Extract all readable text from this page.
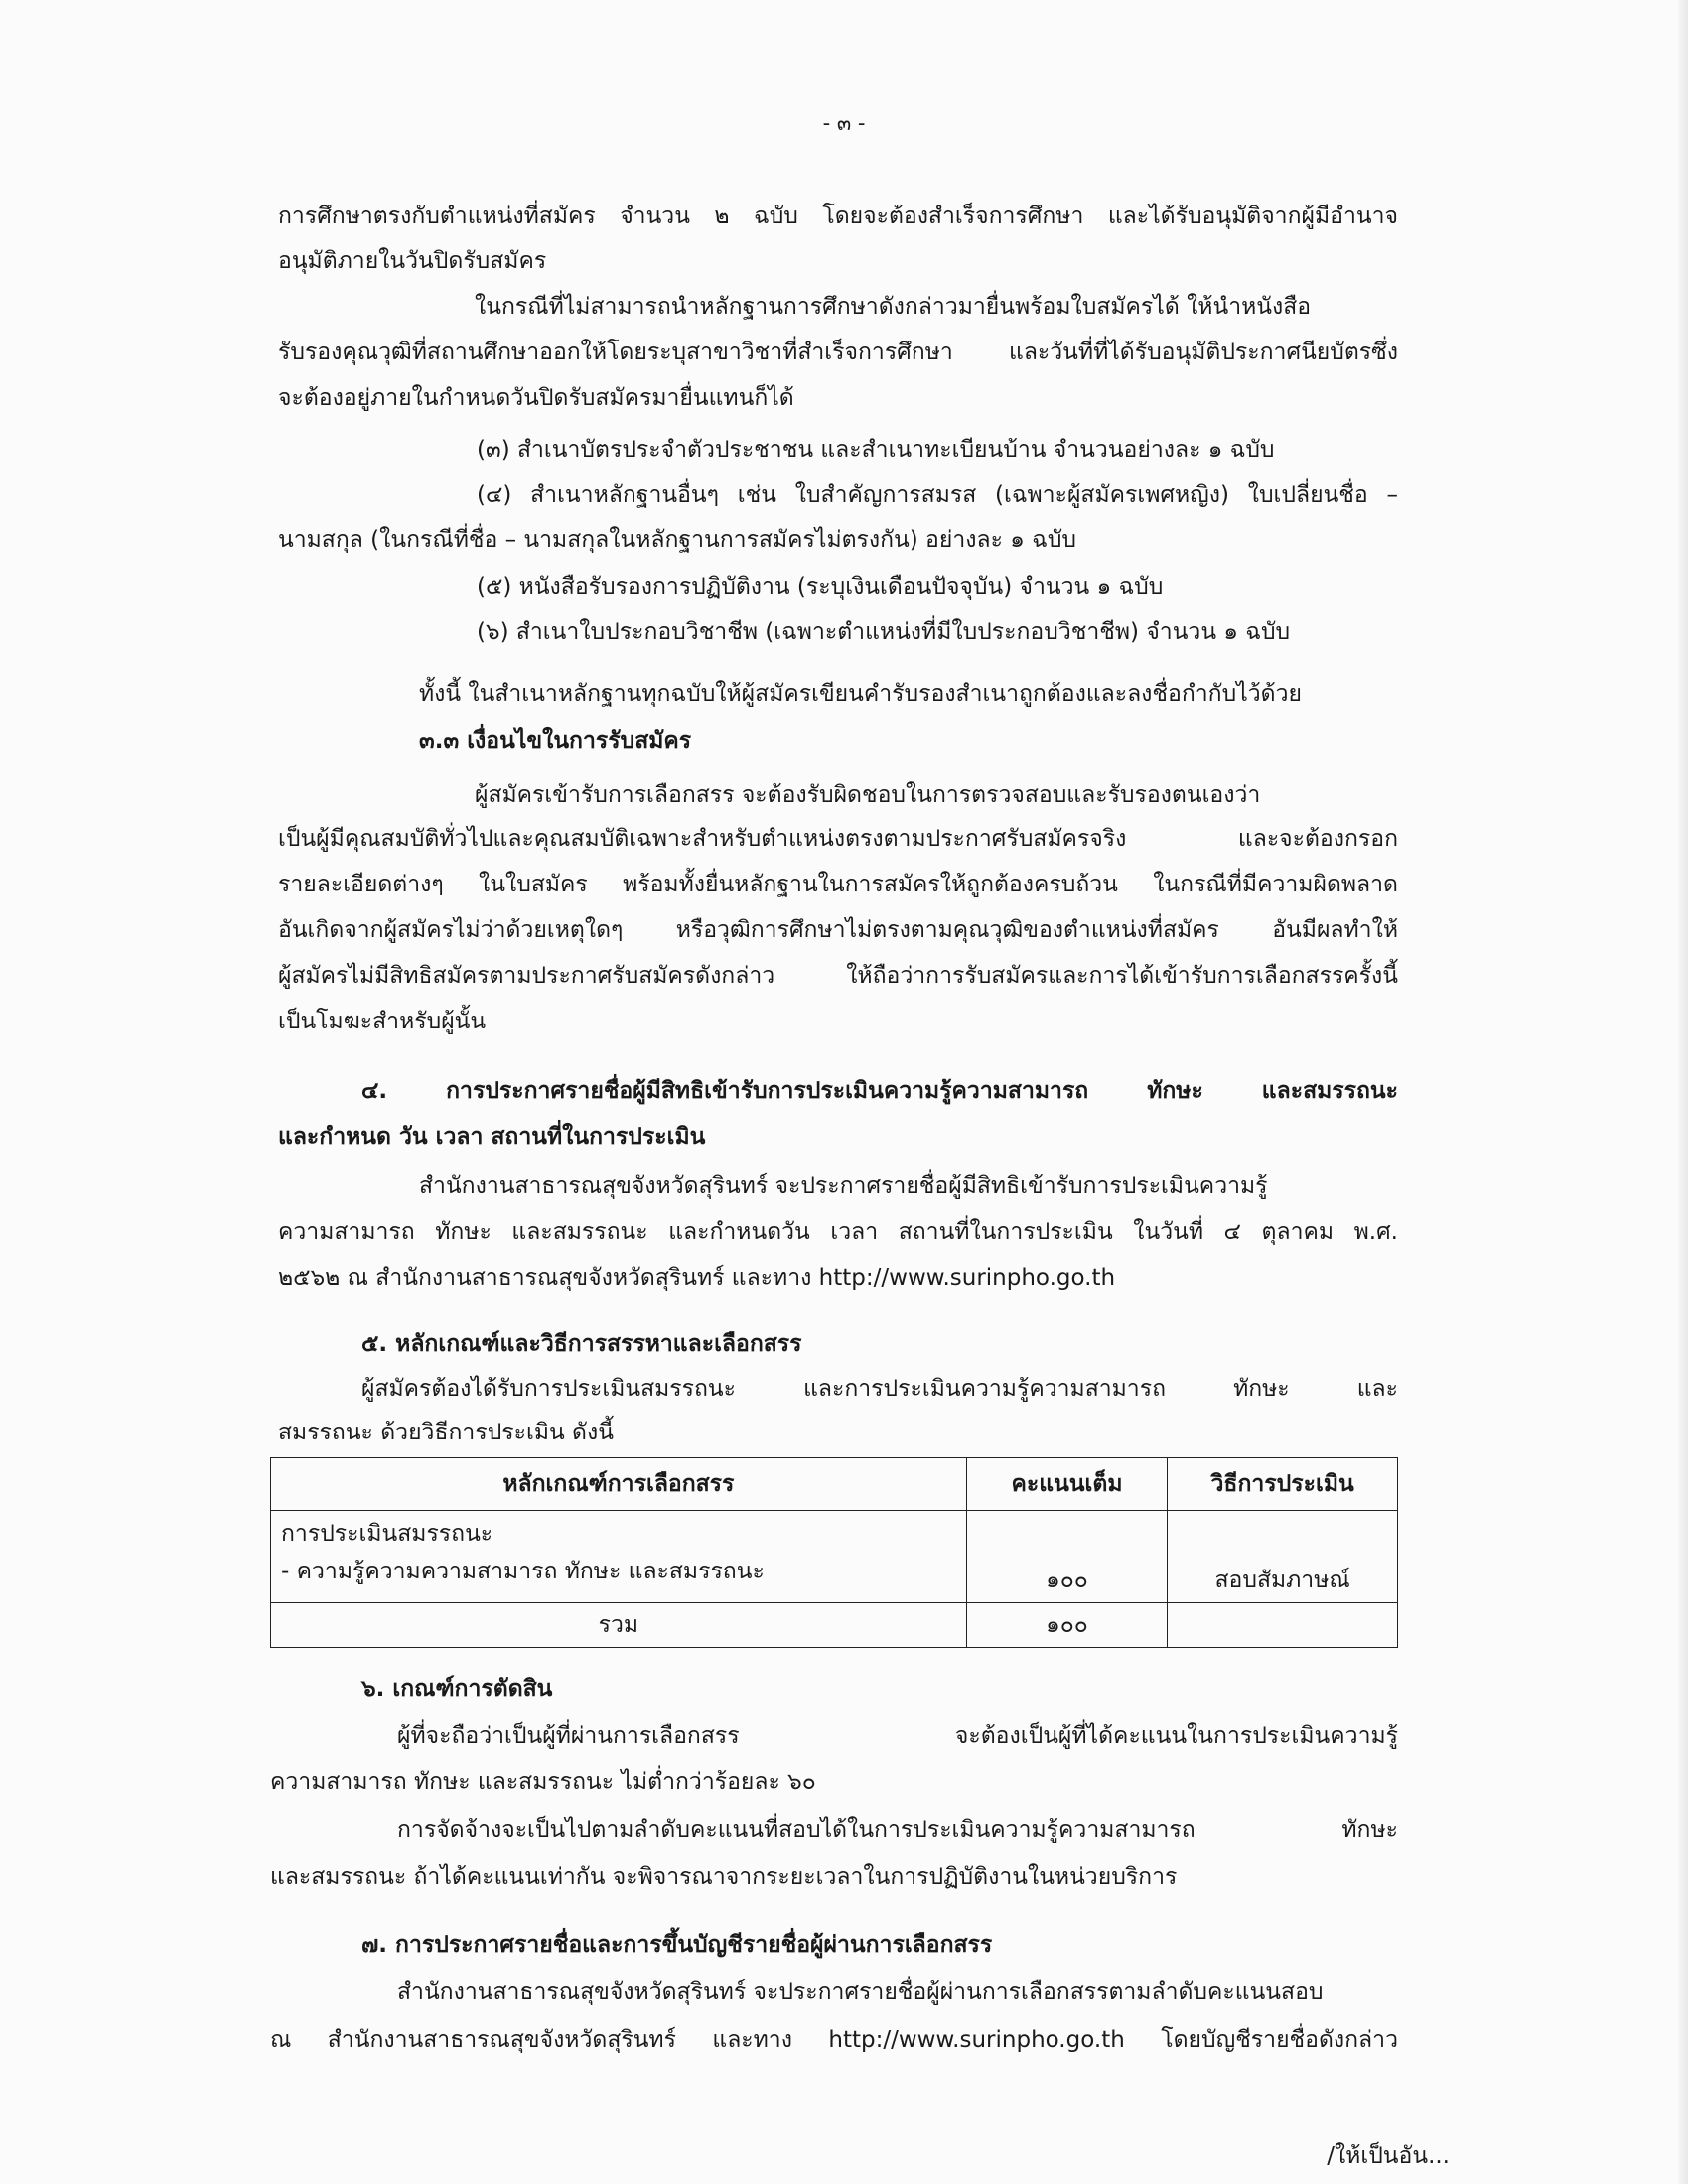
- ๓ -
การศึกษาตรงกับตำแหน่งที่สมัคร จำนวน ๒ ฉบับ โดยจะต้องสำเร็จการศึกษา และได้รับอนุมัติจากผู้มีอำนาจ
อนุมัติภายในวันปิดรับสมัคร
ในกรณีที่ไม่สามารถนำหลักฐานการศึกษาดังกล่าวมายื่นพร้อมใบสมัครได้ ให้นำหนังสือ
รับรองคุณวุฒิที่สถานศึกษาออกให้โดยระบุสาขาวิชาที่สำเร็จการศึกษา และวันที่ที่ได้รับอนุมัติประกาศนียบัตรซึ่ง
จะต้องอยู่ภายในกำหนดวันปิดรับสมัครมายื่นแทนก็ได้
(๓) สำเนาบัตรประจำตัวประชาชน และสำเนาทะเบียนบ้าน จำนวนอย่างละ ๑ ฉบับ
(๔) สำเนาหลักฐานอื่นๆ เช่น ใบสำคัญการสมรส (เฉพาะผู้สมัครเพศหญิง) ใบเปลี่ยนชื่อ –
นามสกุล (ในกรณีที่ชื่อ – นามสกุลในหลักฐานการสมัครไม่ตรงกัน) อย่างละ ๑ ฉบับ
(๕) หนังสือรับรองการปฏิบัติงาน (ระบุเงินเดือนปัจจุบัน) จำนวน ๑ ฉบับ
(๖) สำเนาใบประกอบวิชาชีพ (เฉพาะตำแหน่งที่มีใบประกอบวิชาชีพ) จำนวน ๑ ฉบับ
ทั้งนี้ ในสำเนาหลักฐานทุกฉบับให้ผู้สมัครเขียนคำรับรองสำเนาถูกต้องและลงชื่อกำกับไว้ด้วย
๓.๓ เงื่อนไขในการรับสมัคร
ผู้สมัครเข้ารับการเลือกสรร จะต้องรับผิดชอบในการตรวจสอบและรับรองตนเองว่า
เป็นผู้มีคุณสมบัติทั่วไปและคุณสมบัติเฉพาะสำหรับตำแหน่งตรงตามประกาศรับสมัครจริง และจะต้องกรอก
รายละเอียดต่างๆ ในใบสมัคร พร้อมทั้งยื่นหลักฐานในการสมัครให้ถูกต้องครบถ้วน ในกรณีที่มีความผิดพลาด
อันเกิดจากผู้สมัครไม่ว่าด้วยเหตุใดๆ หรือวุฒิการศึกษาไม่ตรงตามคุณวุฒิของตำแหน่งที่สมัคร อันมีผลทำให้
ผู้สมัครไม่มีสิทธิสมัครตามประกาศรับสมัครดังกล่าว ให้ถือว่าการรับสมัครและการได้เข้ารับการเลือกสรรครั้งนี้
เป็นโมฆะสำหรับผู้นั้น
๔. การประกาศรายชื่อผู้มีสิทธิเข้ารับการประเมินความรู้ความสามารถ ทักษะ และสมรรถนะ
และกำหนด วัน เวลา สถานที่ในการประเมิน
สำนักงานสาธารณสุขจังหวัดสุรินทร์ จะประกาศรายชื่อผู้มีสิทธิเข้ารับการประเมินความรู้
ความสามารถ ทักษะ และสมรรถนะ และกำหนดวัน เวลา สถานที่ในการประเมิน ในวันที่ ๔ ตุลาคม พ.ศ.
๒๕๖๒ ณ สำนักงานสาธารณสุขจังหวัดสุรินทร์ และทาง http://www.surinpho.go.th
๕. หลักเกณฑ์และวิธีการสรรหาและเลือกสรร
ผู้สมัครต้องได้รับการประเมินสมรรถนะ และการประเมินความรู้ความสามารถ ทักษะ และ
สมรรถนะ ด้วยวิธีการประเมิน ดังนี้
หลักเกณฑ์การเลือกสรร	คะแนนเต็ม	วิธีการประเมิน

การประเมินสมรรถนะ
- ความรู้ความความสามารถ ทักษะ และสมรรถนะ	๑๐๐	สอบสัมภาษณ์
รวม	๑๐๐	
๖. เกณฑ์การตัดสิน
ผู้ที่จะถือว่าเป็นผู้ที่ผ่านการเลือกสรร จะต้องเป็นผู้ที่ได้คะแนนในการประเมินความรู้
ความสามารถ ทักษะ และสมรรถนะ ไม่ต่ำกว่าร้อยละ ๖๐
การจัดจ้างจะเป็นไปตามลำดับคะแนนที่สอบได้ในการประเมินความรู้ความสามารถ ทักษะ
และสมรรถนะ ถ้าได้คะแนนเท่ากัน จะพิจารณาจากระยะเวลาในการปฏิบัติงานในหน่วยบริการ
๗. การประกาศรายชื่อและการขึ้นบัญชีรายชื่อผู้ผ่านการเลือกสรร
สำนักงานสาธารณสุขจังหวัดสุรินทร์ จะประกาศรายชื่อผู้ผ่านการเลือกสรรตามลำดับคะแนนสอบ
ณ สำนักงานสาธารณสุขจังหวัดสุรินทร์ และทาง http://www.surinpho.go.th โดยบัญชีรายชื่อดังกล่าว
/ให้เป็นอัน...
